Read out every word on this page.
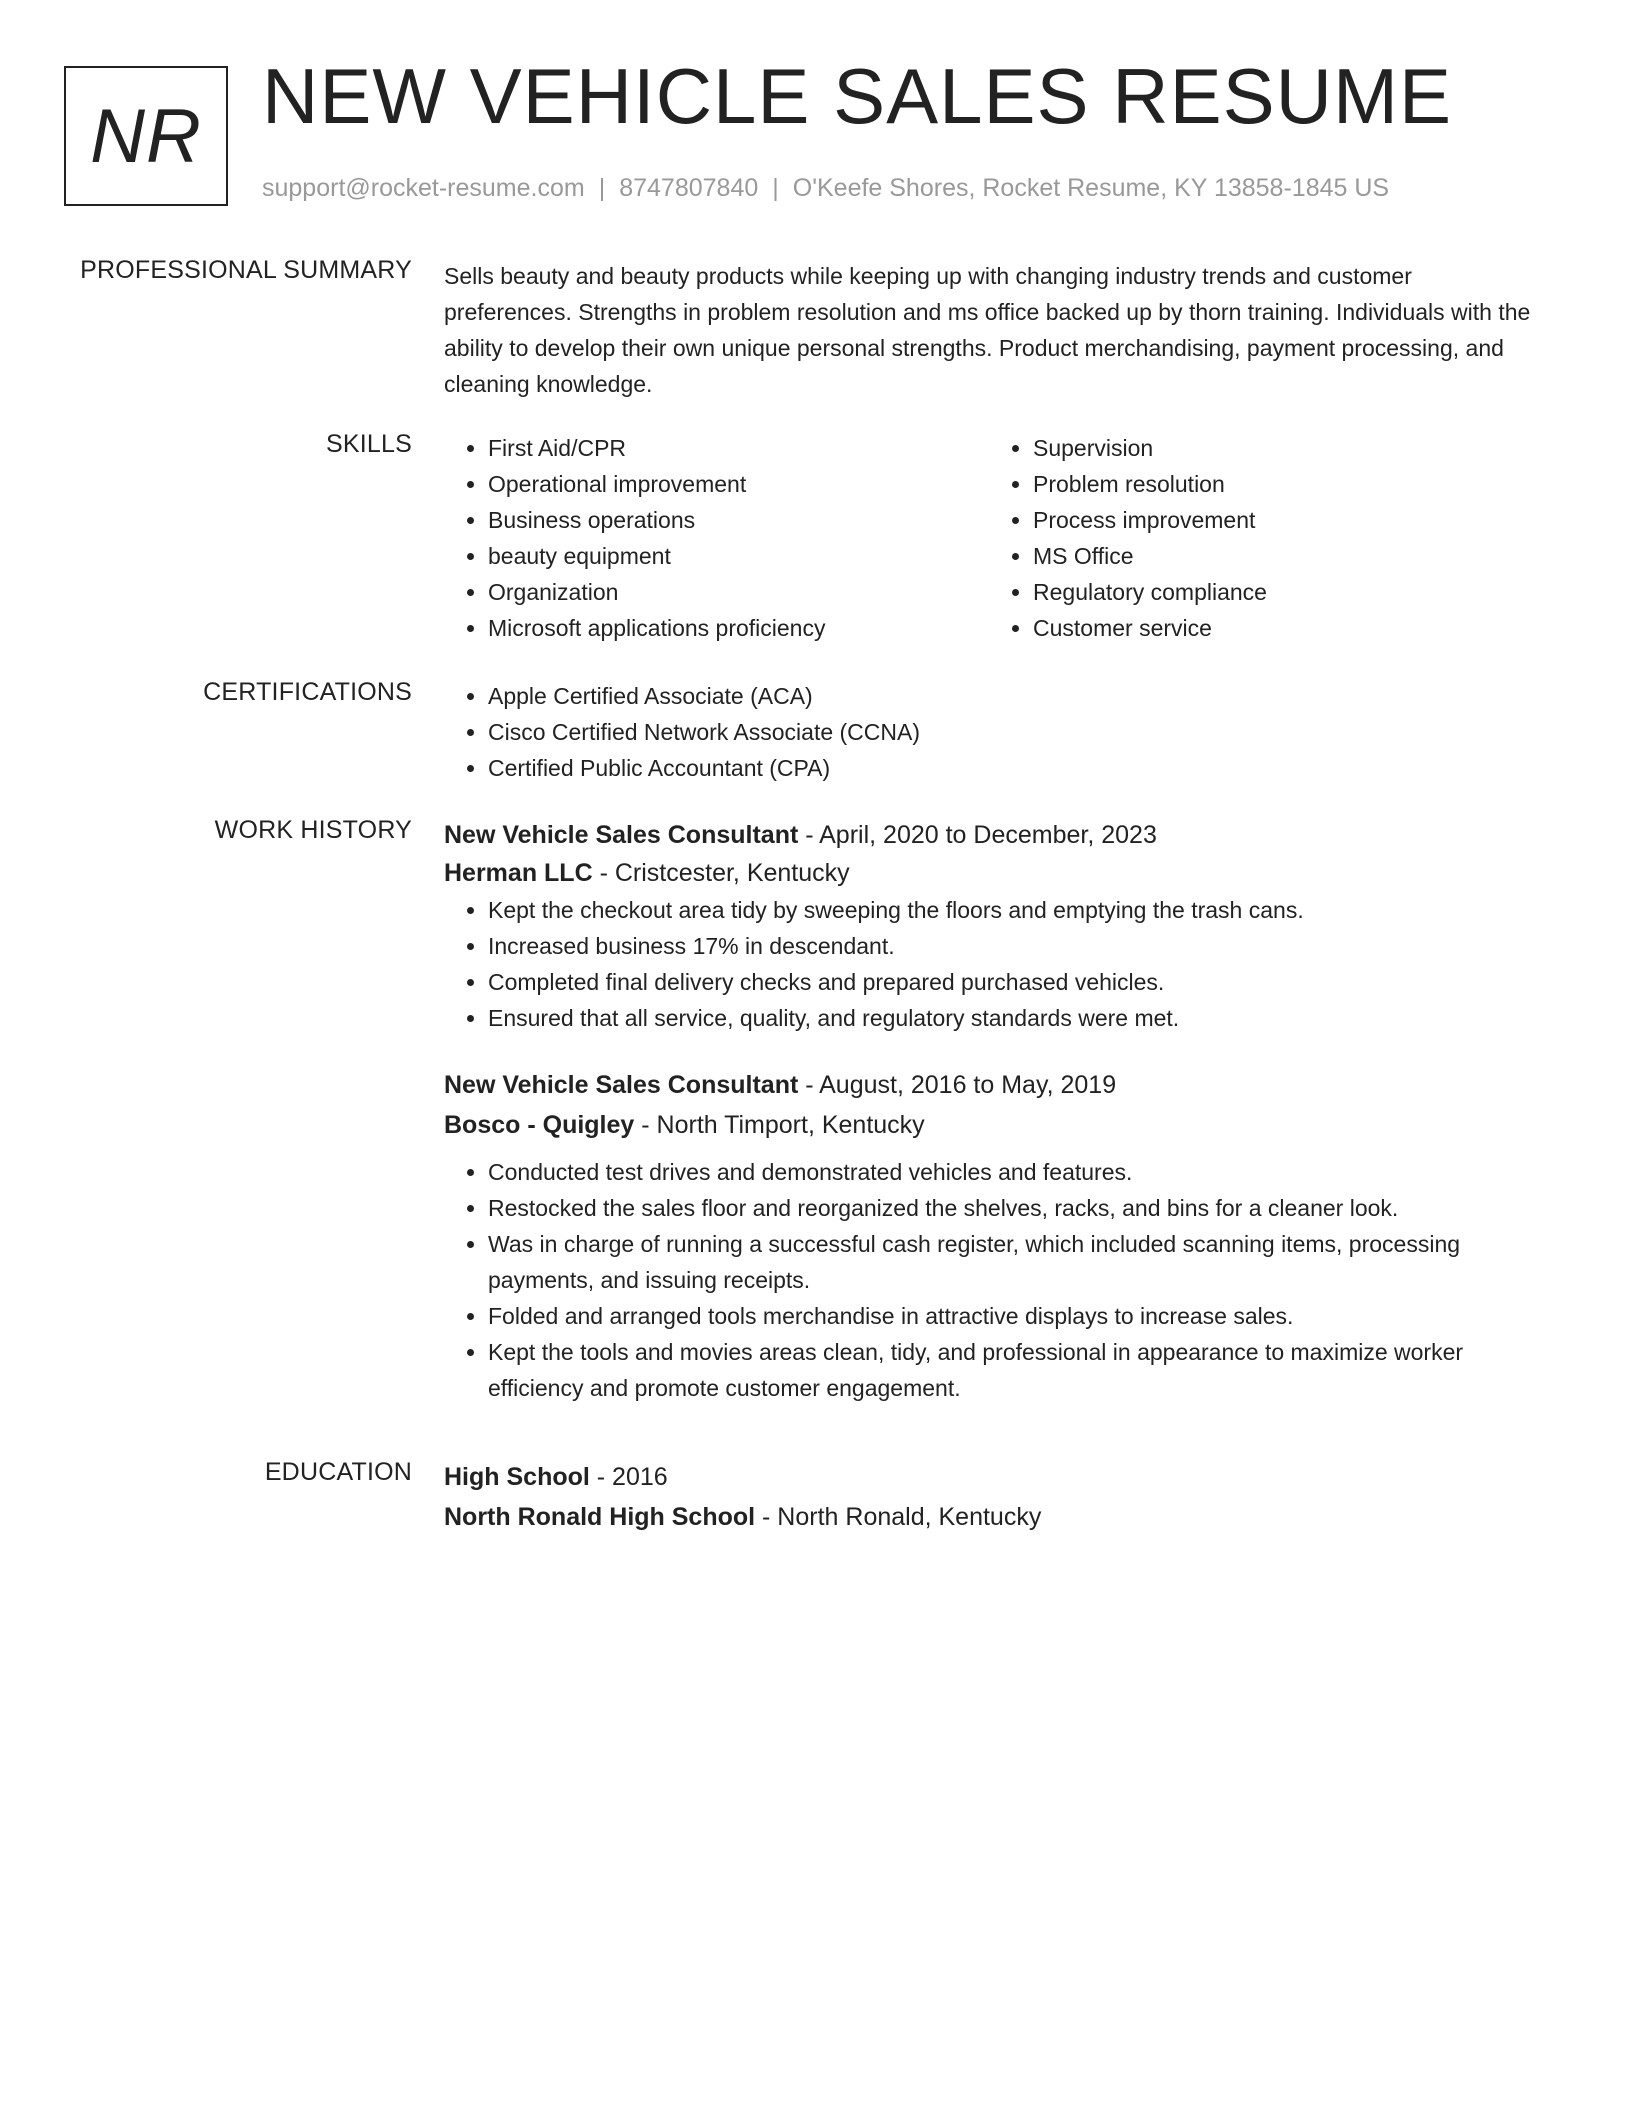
NR NEW VEHICLE SALES RESUME
support@rocket-resume.com | 8747807840 | O'Keefe Shores, Rocket Resume, KY 13858-1845 US
PROFESSIONAL SUMMARY Sells beauty and beauty products while keeping up with changing industry trends and customer preferences. Strengths in problem resolution and ms office backed up by thorn training. Individuals with the ability to develop their own unique personal strengths. Product merchandising, payment processing, and cleaning knowledge.

SKILLS	• First Aid/CPR
• Operational improvement
• Business operations
• beauty equipment
• Organization
• Microsoft applications proficiency
• Supervision
• Problem resolution
• Process improvement
• MS Office
• Regulatory compliance
• Customer service
CERTIFICATIONS	• Apple Certified Associate (ACA)
• Cisco Certified Network Associate (CCNA)
• Certified Public Accountant (CPA)
WORK HISTORY New Vehicle Sales Consultant - April, 2020 to December, 2023
Herman LLC - Cristcester, Kentucky
• Kept the checkout area tidy by sweeping the floors and emptying the trash cans.
• Increased business 17% in descendant.
• Completed final delivery checks and prepared purchased vehicles.
• Ensured that all service, quality, and regulatory standards were met.
New Vehicle Sales Consultant - August, 2016 to May, 2019
Bosco - Quigley - North Timport, Kentucky
• Conducted test drives and demonstrated vehicles and features.
• Restocked the sales floor and reorganized the shelves, racks, and bins for a cleaner look.
• Was in charge of running a successful cash register, which included scanning items, processing payments, and issuing receipts.
• Folded and arranged tools merchandise in attractive displays to increase sales.
• Kept the tools and movies areas clean, tidy, and professional in appearance to maximize worker efficiency and promote customer engagement.
EDUCATION High School - 2016
North Ronald High School - North Ronald, Kentucky
